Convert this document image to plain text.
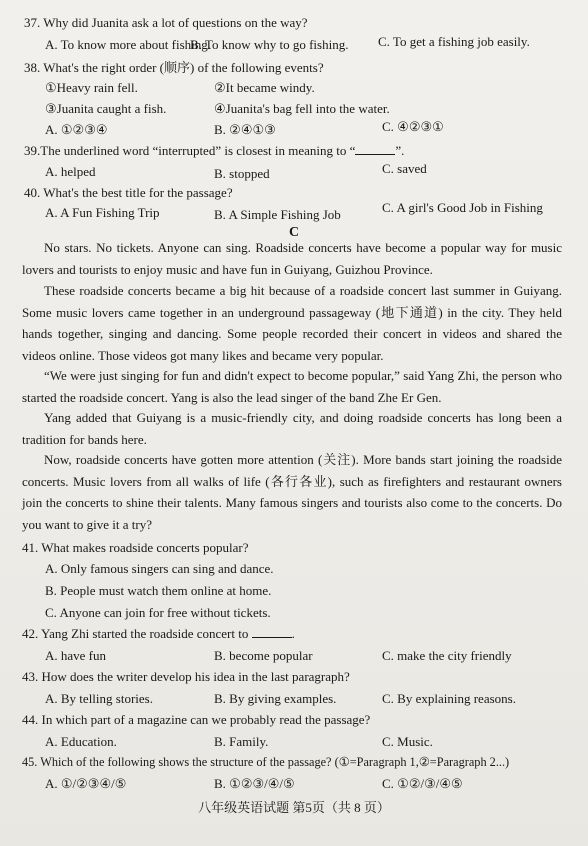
37. Why did Juanita ask a lot of questions on the way?
A. To know more about fishing.
B. To know why to go fishing. C. To get a fishing job easily.
38. What's the right order (顺序) of the following events?
①Heavy rain fell.	②It became windy.
③Juanita caught a fish.	④Juanita's bag fell into the water.
A. ①②③④	B. ②④①③	C. ④②③①
39.The underlined word “interrupted” is closest in meaning to “	”.
A. helped	B. stopped	C. saved
40. What's the best title for the passage?
A. A Fun Fishing Trip	B. A Simple Fishing Job	C. A girl's Good Job in Fishing
C
No stars. No tickets. Anyone can sing. Roadside concerts have become a popular way for music lovers and tourists to enjoy music and have fun in Guiyang, Guizhou Province.
These roadside concerts became a big hit because of a roadside concert last summer in Guiyang. Some music lovers came together in an underground passageway (地下通道) in the city. They held hands together, singing and dancing. Some people recorded their concert in videos and shared the videos online. Those videos got many likes and became very popular.
“We were just singing for fun and didn't expect to become popular,” said Yang Zhi, the person who started the roadside concert. Yang is also the lead singer of the band Zhe Er Gen.
Yang added that Guiyang is a music-friendly city, and doing roadside concerts has long been a tradition for bands here.
Now, roadside concerts have gotten more attention (关注). More bands start joining the roadside concerts. Music lovers from all walks of life (各行各业), such as firefighters and restaurant owners join the concerts to shine their talents. Many famous singers and tourists also come to the concerts. Do you want to give it a try?
41. What makes roadside concerts popular?
A. Only famous singers can sing and dance.
B. People must watch them online at home.
C. Anyone can join for free without tickets.
42. Yang Zhi started the roadside concert to	.
A. have fun	B. become popular	C. make the city friendly
43. How does the writer develop his idea in the last paragraph?
A. By telling stories.	B. By giving examples.	C. By explaining reasons.
44. In which part of a magazine can we probably read the passage?
A. Education.	B. Family.	C. Music.
45. Which of the following shows the structure of the passage? (①=Paragraph 1,②=Paragraph 2...)
A. ①/②③④/⑤	B. ①②③/④/⑤	C. ①②/③/④⑤
八年级英语试题 第5页（共 8 页）
